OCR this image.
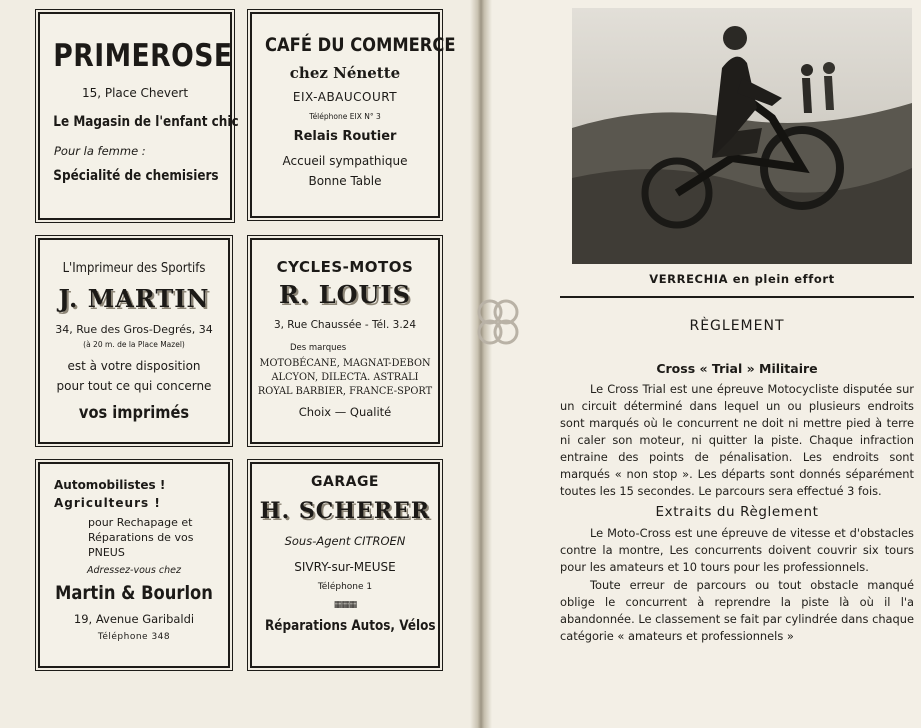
PRIMEROSE
15, Place Chevert
Le Magasin de l'enfant chic
Pour la femme :
Spécialité de chemisiers
CAFÉ DU COMMERCE
chez Nénette
EIX-ABAUCOURT
Téléphone EIX N° 3
Relais Routier
Accueil sympathique
Bonne Table
L'Imprimeur des Sportifs
J. MARTIN
34, Rue des Gros-Degrés, 34
(à 20 m. de la Place Mazel)
est à votre disposition
pour tout ce qui concerne
vos imprimés
CYCLES-MOTOS
R. LOUIS
3, Rue Chaussée - Tél. 3.24
Des marques
MOTOBÉCANE, MAGNAT-DEBON
ALCYON, DILECTA. ASTRALI
ROYAL BARBIER, FRANCE-SPORT
Choix — Qualité
Automobilistes !
Agriculteurs !
pour Rechapage et
Réparations de vos
PNEUS
Adressez-vous chez
Martin & Bourlon
19, Avenue Garibaldi
Téléphone 348
GARAGE
H. SCHERER
Sous-Agent CITROEN
SIVRY-sur-MEUSE
Téléphone 1
▦▦▦
Réparations Autos, Vélos
VERRECHIA en plein effort
RÈGLEMENT
Cross « Trial » Militaire
Le Cross Trial est une épreuve Motocycliste disputée sur un circuit déterminé dans lequel un ou plusieurs endroits sont marqués où le concurrent ne doit ni mettre pied à terre ni caler son moteur, ni quitter la piste. Chaque infraction entraine des points de pénalisation. Les endroits sont marqués « non stop ». Les départs sont donnés séparément toutes les 15 secondes. Le parcours sera effectué 3 fois.
Extraits du Règlement
Le Moto-Cross est une épreuve de vitesse et d'obstacles contre la montre, Les concurrents doivent couvrir six tours pour les amateurs et 10 tours pour les professionnels.
Toute erreur de parcours ou tout obstacle manqué oblige le concurrent à reprendre la piste là où il l'a abandonnée. Le classement se fait par cylindrée dans chaque catégorie « amateurs et professionnels »
